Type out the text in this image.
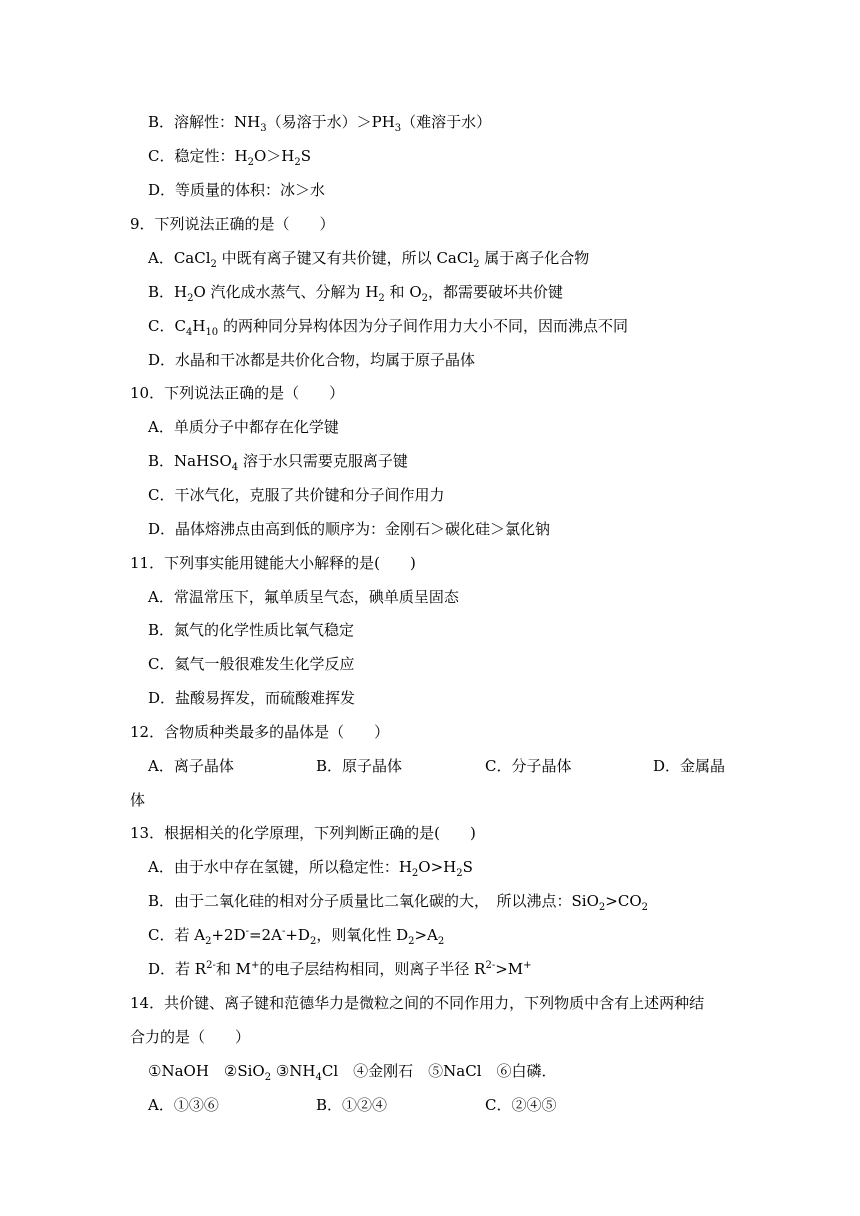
B．溶解性：$NH_3$（易溶于水）$>PH_3$（难溶于水）
C．稳定性：$H_2O>H_2S$
D．等质量的体积：冰＞水
9．下列说法正确的是（　　）
A．CaCl$_2$ 中既有离子键又有共价键，所以 CaCl$_2$ 属于离子化合物
B．$H_2O$ 汽化成水蒸气、分解为 $H_2$ 和 $O_2$，都需要破坏共价键
C．$C_4H_{10}$ 的两种同分异构体因为分子间作用力大小不同，因而沸点不同
D．水晶和干冰都是共价化合物，均属于原子晶体
10．下列说法正确的是（　　）
A．单质分子中都存在化学键
B．NaHSO$_4$ 溶于水只需要克服离子键
C．干冰气化，克服了共价键和分子间作用力
D．晶体熔沸点由高到低的顺序为：金刚石＞碳化硅＞氯化钠
11．下列事实能用键能大小解释的是(　　)
A．常温常压下，氟单质呈气态，碘单质呈固态
B．氮气的化学性质比氧气稳定
C．氦气一般很难发生化学反应
D．盐酸易挥发，而硫酸难挥发
12．含物质种类最多的晶体是（　　）
A．离子晶体	B．原子晶体	C．分子晶体	D．金属晶
体
13．根据相关的化学原理，下列判断正确的是(　　)
A．由于水中存在氢键，所以稳定性：$H_2O>H_2S$
B．由于二氧化硅的相对分子质量比二氧化碳的大，　所以沸点：$SiO_2>CO_2$
C．若 $A_2+2D^-=2A^-+D_2$，则氧化性 $D_2>A_2$
D．若 $R^{2-}$和 M+的电子层结构相同，则离子半径 $R^{2-}>M^+$
14．共价键、离子键和范德华力是微粒之间的不同作用力，下列物质中含有上述两种结
合力的是（　　）
①NaOH　②SiO$_2$ $③NH_4Cl$　④金刚石　⑤NaCl　⑥白磷．
A．①③⑥	B．①②④	C．②④⑤
